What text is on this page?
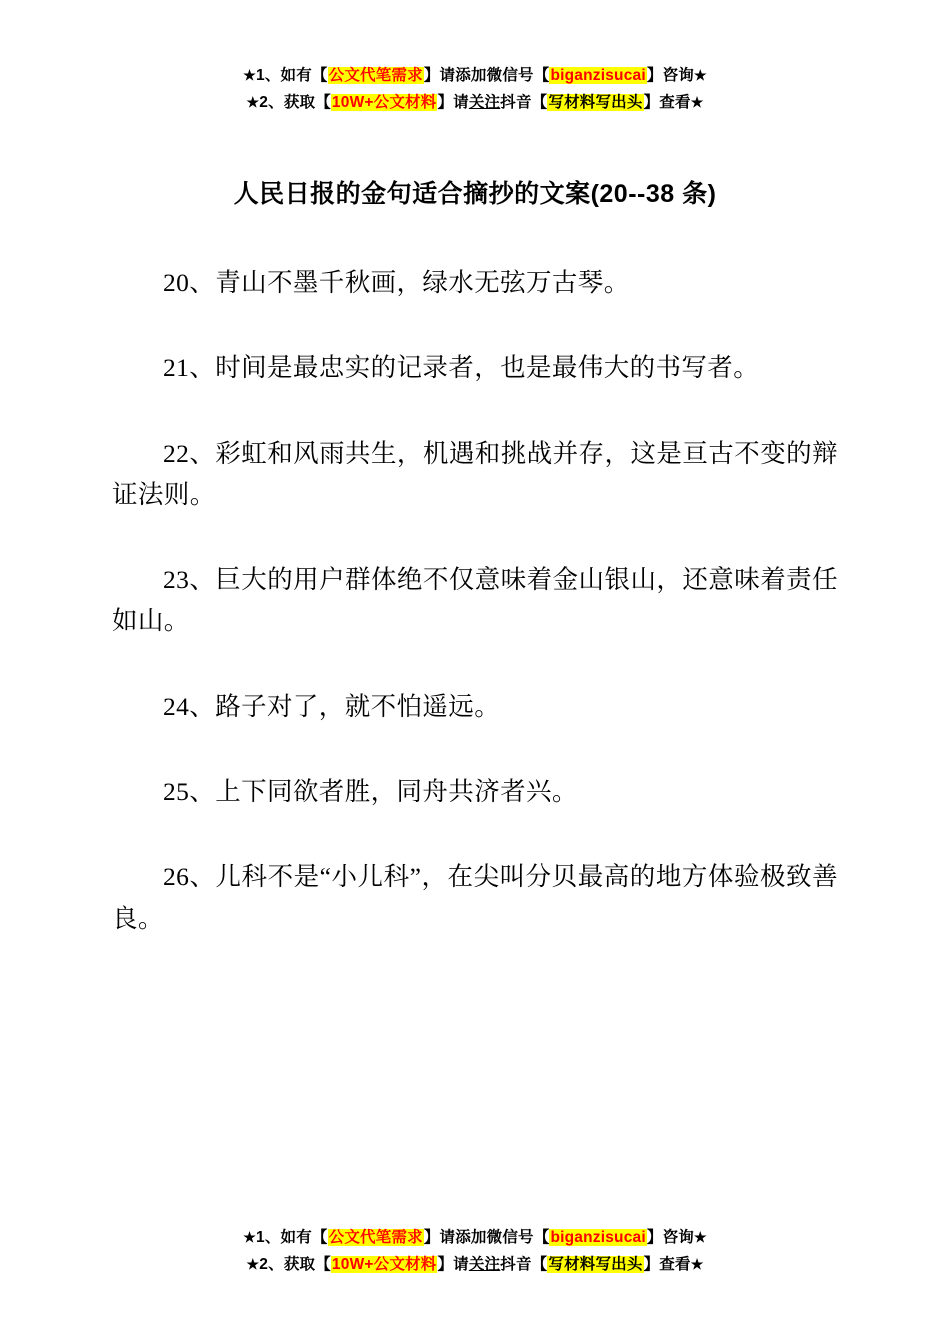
★1、如有【公文代笔需求】请添加微信号【biganzisucai】咨询★
★2、获取【10W+公文材料】请关注抖音【写材料写出头】查看★
人民日报的金句适合摘抄的文案(20--38 条)

20、青山不墨千秋画，绿水无弦万古琴。

21、时间是最忠实的记录者，也是最伟大的书写者。

22、彩虹和风雨共生，机遇和挑战并存，这是亘古不变的辩证法则。

23、巨大的用户群体绝不仅意味着金山银山，还意味着责任如山。

24、路子对了，就不怕遥远。

25、上下同欲者胜，同舟共济者兴。

26、儿科不是“小儿科”，在尖叫分贝最高的地方体验极致善良。

★1、如有【公文代笔需求】请添加微信号【biganzisucai】咨询★
★2、获取【10W+公文材料】请关注抖音【写材料写出头】查看★
